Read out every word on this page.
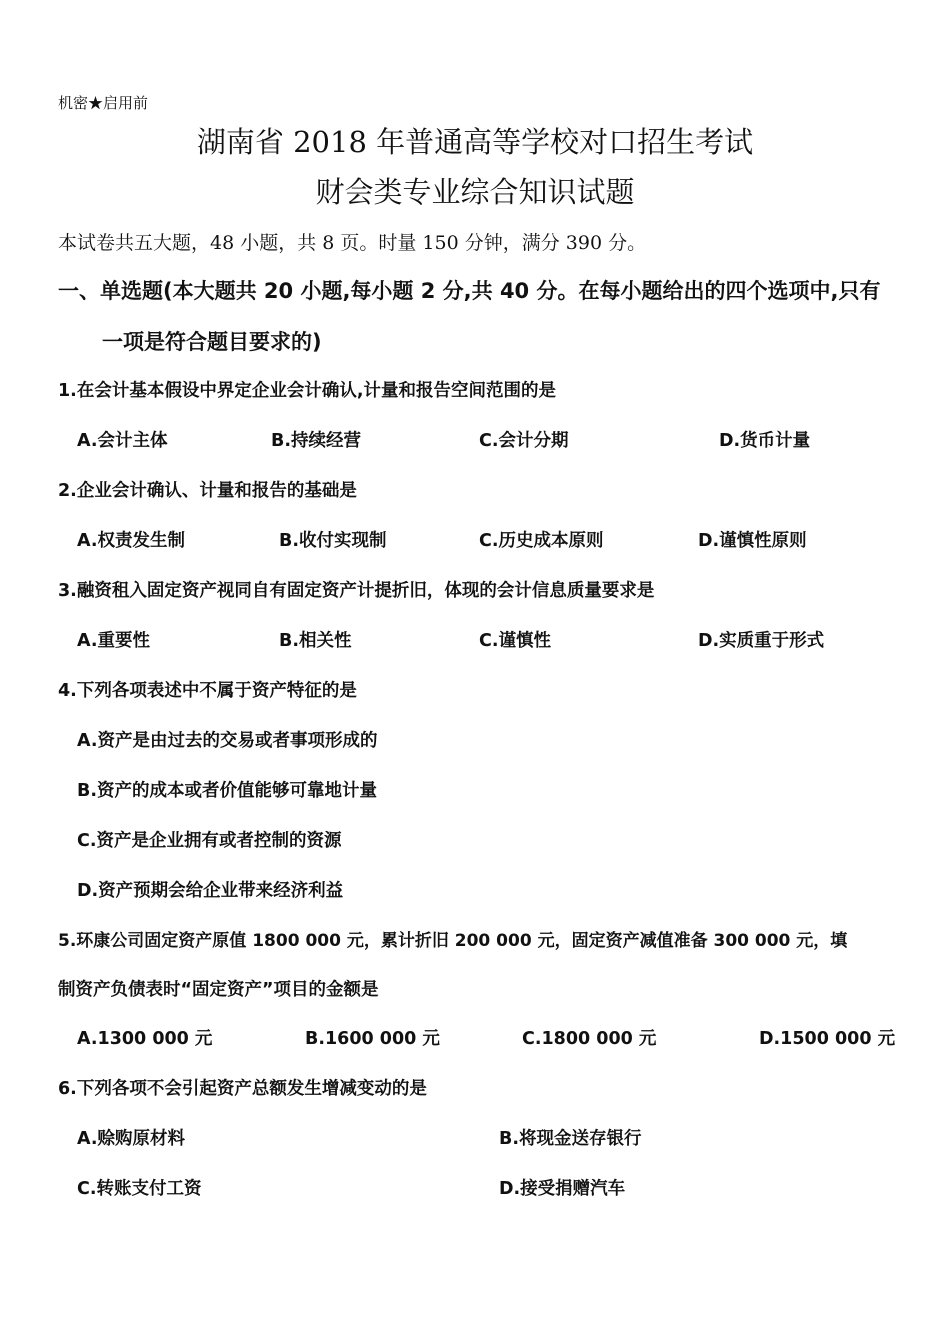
机密★启用前
湖南省 2018 年普通高等学校对口招生考试
财会类专业综合知识试题
本试卷共五大题，48 小题，共 8 页。时量 150 分钟，满分 390 分。
一、单选题(本大题共 20 小题,每小题 2 分,共 40 分。在每小题给出的四个选项中,只有
一项是符合题目要求的)
1.在会计基本假设中界定企业会计确认,计量和报告空间范围的是
A.会计主体	B.持续经营	C.会计分期	D.货币计量
2.企业会计确认、计量和报告的基础是
A.权责发生制	B.收付实现制	C.历史成本原则	D.谨慎性原则
3.融资租入固定资产视同自有固定资产计提折旧，体现的会计信息质量要求是
A.重要性	B.相关性	C.谨慎性	D.实质重于形式
4.下列各项表述中不属于资产特征的是
A.资产是由过去的交易或者事项形成的
B.资产的成本或者价值能够可靠地计量
C.资产是企业拥有或者控制的资源
D.资产预期会给企业带来经济利益
5.环康公司固定资产原值 1800 000 元，累计折旧 200 000 元，固定资产减值准备 300 000 元，填
制资产负债表时“固定资产”项目的金额是
A.1300 000 元	B.1600 000 元	C.1800 000 元	D.1500 000 元
6.下列各项不会引起资产总额发生增减变动的是
A.赊购原材料	B.将现金送存银行
C.转账支付工资	D.接受捐赠汽车
